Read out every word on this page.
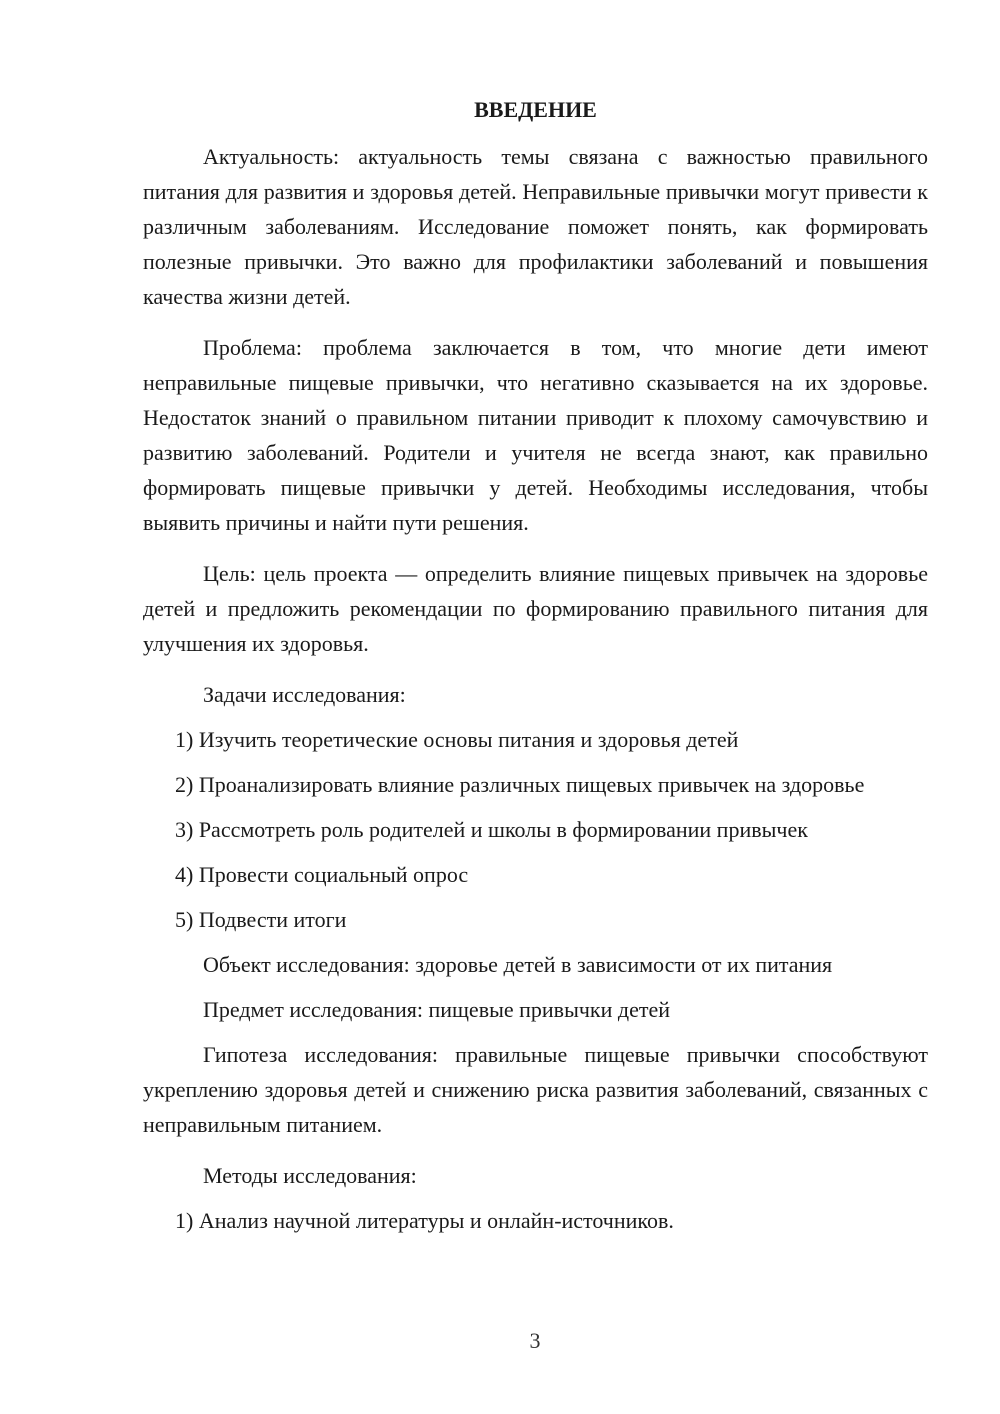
ВВЕДЕНИЕ

Актуальность: актуальность темы связана с важностью правильного питания для развития и здоровья детей. Неправильные привычки могут привести к различным заболеваниям. Исследование поможет понять, как формировать полезные привычки. Это важно для профилактики заболеваний и повышения качества жизни детей.

Проблема: проблема заключается в том, что многие дети имеют неправильные пищевые привычки, что негативно сказывается на их здоровье. Недостаток знаний о правильном питании приводит к плохому самочувствию и развитию заболеваний. Родители и учителя не всегда знают, как правильно формировать пищевые привычки у детей. Необходимы исследования, чтобы выявить причины и найти пути решения.

Цель: цель проекта — определить влияние пищевых привычек на здоровье детей и предложить рекомендации по формированию правильного питания для улучшения их здоровья.

Задачи исследования:

1) Изучить теоретические основы питания и здоровья детей

2) Проанализировать влияние различных пищевых привычек на здоровье

3) Рассмотреть роль родителей и школы в формировании привычек

4) Провести социальный опрос

5) Подвести итоги

Объект исследования: здоровье детей в зависимости от их питания

Предмет исследования: пищевые привычки детей

Гипотеза исследования: правильные пищевые привычки способствуют укреплению здоровья детей и снижению риска развития заболеваний, связанных с неправильным питанием.

Методы исследования:

1) Анализ научной литературы и онлайн-источников.

3
